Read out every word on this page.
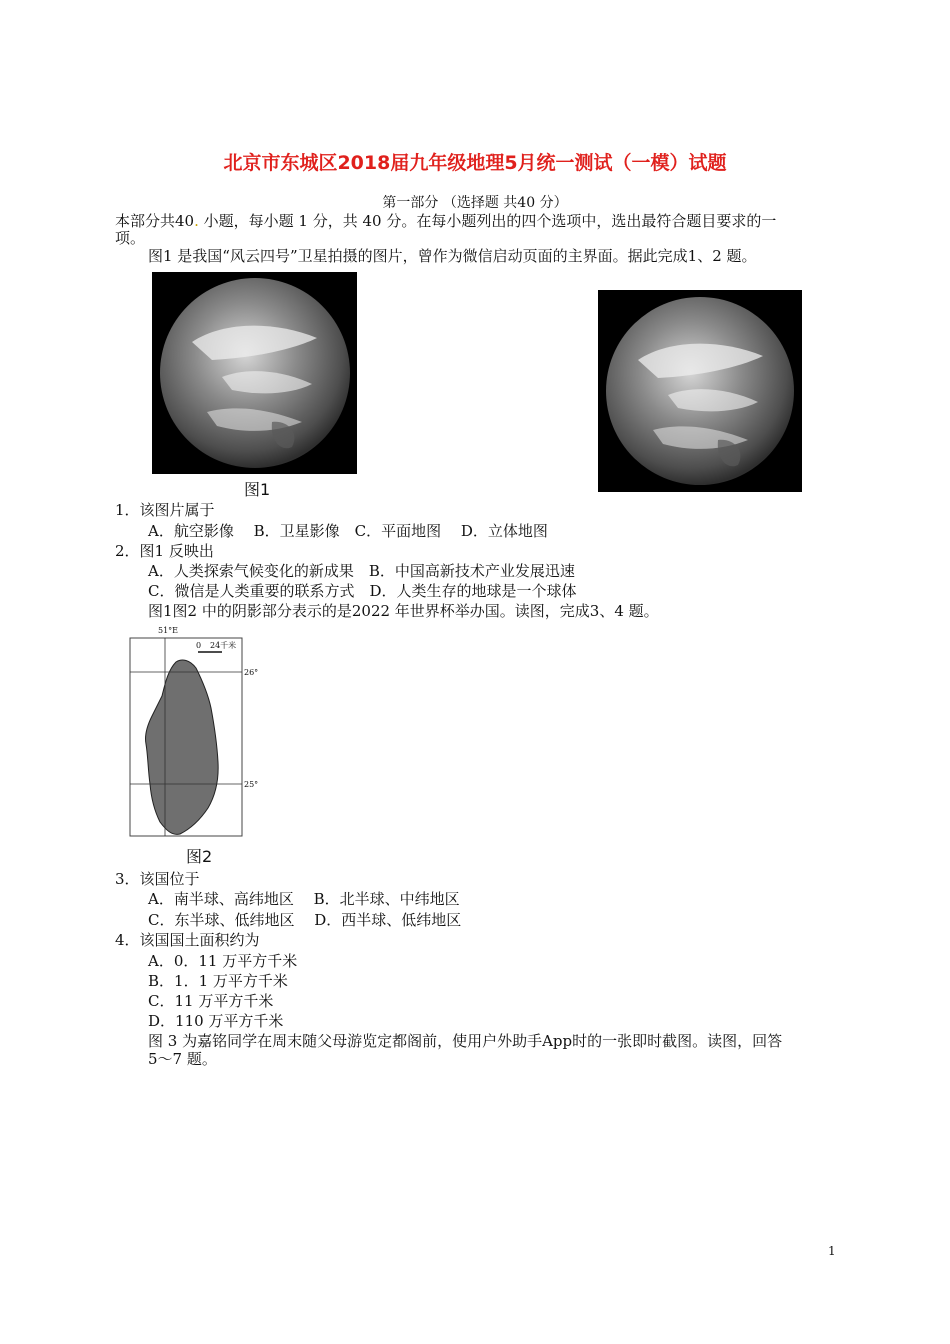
北京市东城区2018届九年级地理5月统一测试（一模）试题
第一部分 （选择题 共40 分）
本部分共40. 小题，每小题 1 分，共 40 分。在每小题列出的四个选项中，选出最符合题目要求的一
项。
图1 是我国“风云四号”卫星拍摄的图片，曾作为微信启动页面的主界面。据此完成1、2 题。
图1
1．该图片属于
A．航空影像　 B．卫星影像　C．平面地图　 D．立体地图
2．图1 反映出
A．人类探索气候变化的新成果　B．中国高新技术产业发展迅速
C．微信是人类重要的联系方式　D．人类生存的地球是一个球体
图1图2 中的阴影部分表示的是2022 年世界杯举办国。读图，完成3、4 题。
51°E
26°
25°
0 24千米
图2
3．该国位于
A．南半球、高纬地区　 B．北半球、中纬地区
C．东半球、低纬地区　 D．西半球、低纬地区
4．该国国土面积约为
A．0．11 万平方千米
B．1．1 万平方千米
C．11 万平方千米
D．110 万平方千米
图 3 为嘉铭同学在周末随父母游览定都阁前，使用户外助手App时的一张即时截图。读图，回答
5～7 题。
1
